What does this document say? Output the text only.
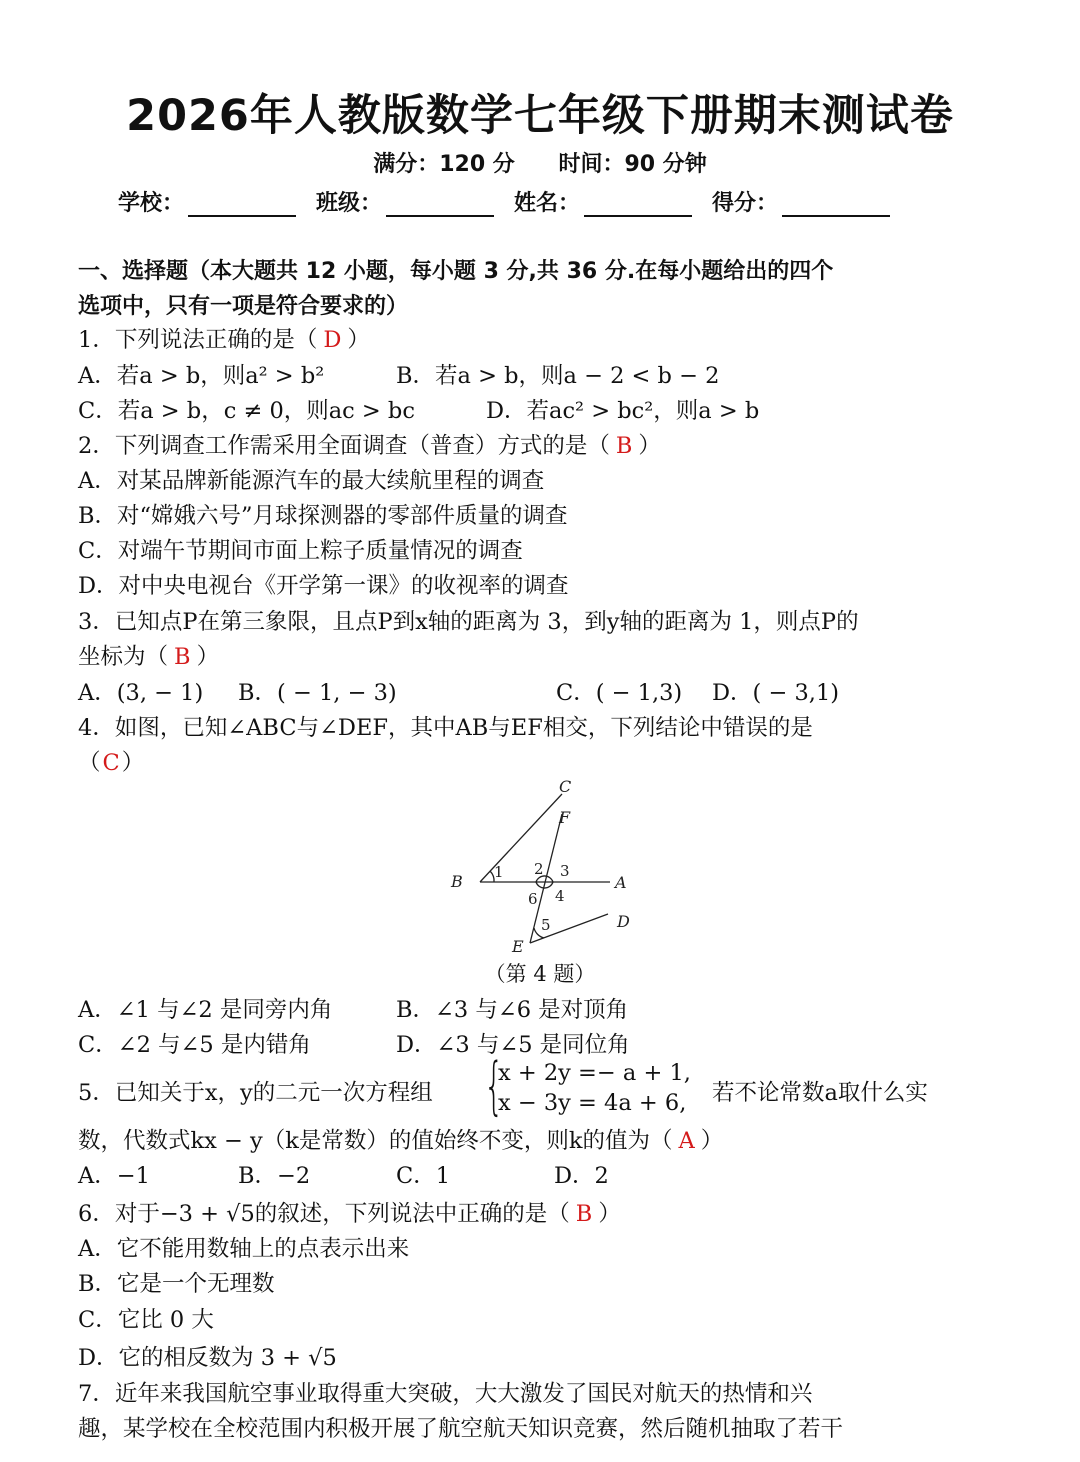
2026年人教版数学七年级下册期末测试卷
满分：120 分 时间：90 分钟
学校：	班级：	姓名：	得分：
一、选择题（本大题共 12 小题，每小题 3 分,共 36 分.在每小题给出的四个
选项中，只有一项是符合要求的）
1．下列说法正确的是（ D ）
A．若a > b，则a² > b²	B．若a > b，则a − 2 < b − 2
C．若a > b，c ≠ 0，则ac > bc	D．若ac² > bc²，则a > b
2．下列调查工作需采用全面调查（普查）方式的是（ B ）
A．对某品牌新能源汽车的最大续航里程的调查
B．对“嫦娥六号”月球探测器的零部件质量的调查
C．对端午节期间市面上粽子质量情况的调查
D．对中央电视台《开学第一课》的收视率的调查
3．已知点P在第三象限，且点P到x轴的距离为 3，到y轴的距离为 1，则点P的
坐标为（ B ）
A．(3, − 1) B．( − 1, − 3)	C．( − 1,3) D．( − 3,1)
4．如图，已知∠ABC与∠DEF，其中AB与EF相交，下列结论中错误的是
（C）
C
F
B	A
D
E
1 2 3
4
6
5
（第 4 题）
A．∠1 与∠2 是同旁内角	B．∠3 与∠6 是对顶角
C．∠2 与∠5 是内错角	D．∠3 与∠5 是同位角
5．已知关于x，y的二元一次方程组 {
x + 2y =− a + 1,
x − 3y = 4a + 6, 若不论常数a取什么实
数，代数式kx − y（k是常数）的值始终不变，则k的值为（ A ）
A．−1	B．−2	C．1	D．2
6．对于−3 + √5的叙述，下列说法中正确的是（ B ）
A．它不能用数轴上的点表示出来
B．它是一个无理数
C．它比 0 大
D．它的相反数为 3 + √5
7．近年来我国航空事业取得重大突破，大大激发了国民对航天的热情和兴
趣，某学校在全校范围内积极开展了航空航天知识竞赛，然后随机抽取了若干
